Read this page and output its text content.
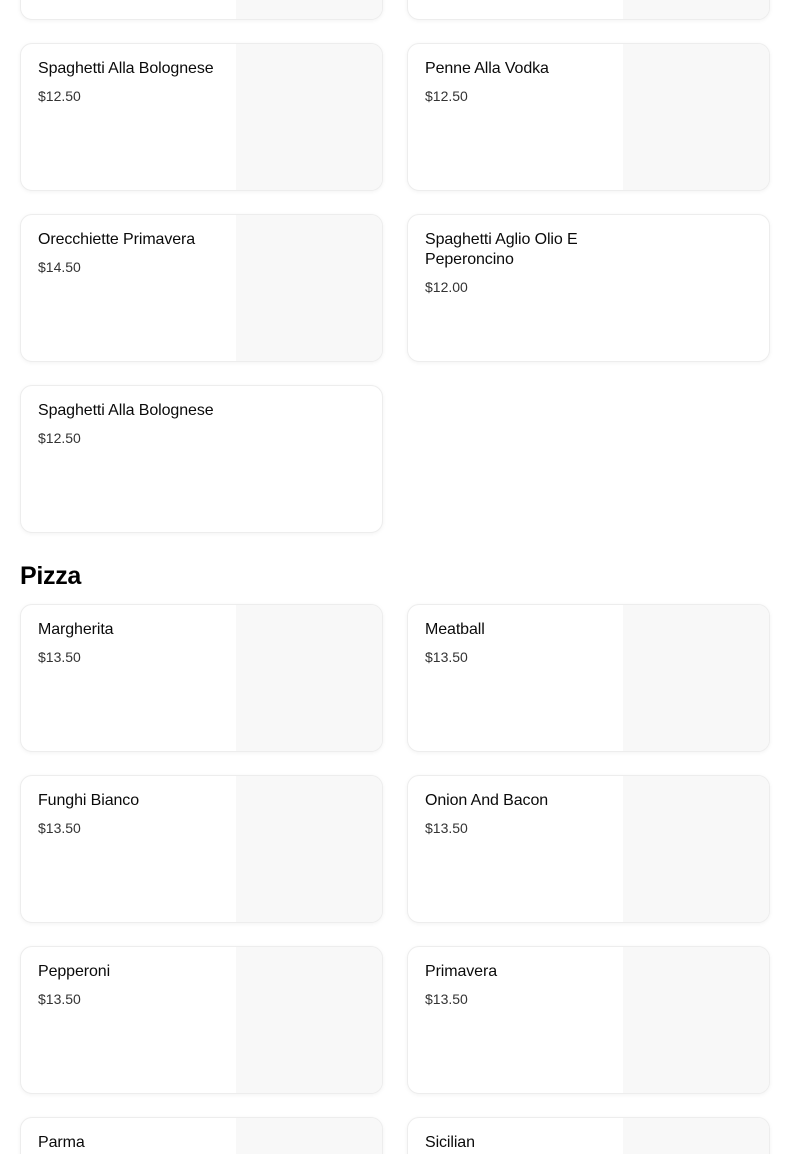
Spaghetti Alla Bolognese

$12.50

Penne Alla Vodka

$12.50

Orecchiette Primavera

$14.50

Spaghetti Aglio Olio E Peperoncino

$12.00

Spaghetti Alla Bolognese

$12.50

Pizza
Margherita

$13.50

Meatball

$13.50

Funghi Bianco

$13.50

Onion And Bacon

$13.50

Pepperoni

$13.50

Primavera

$13.50

Parma	Sicilian
